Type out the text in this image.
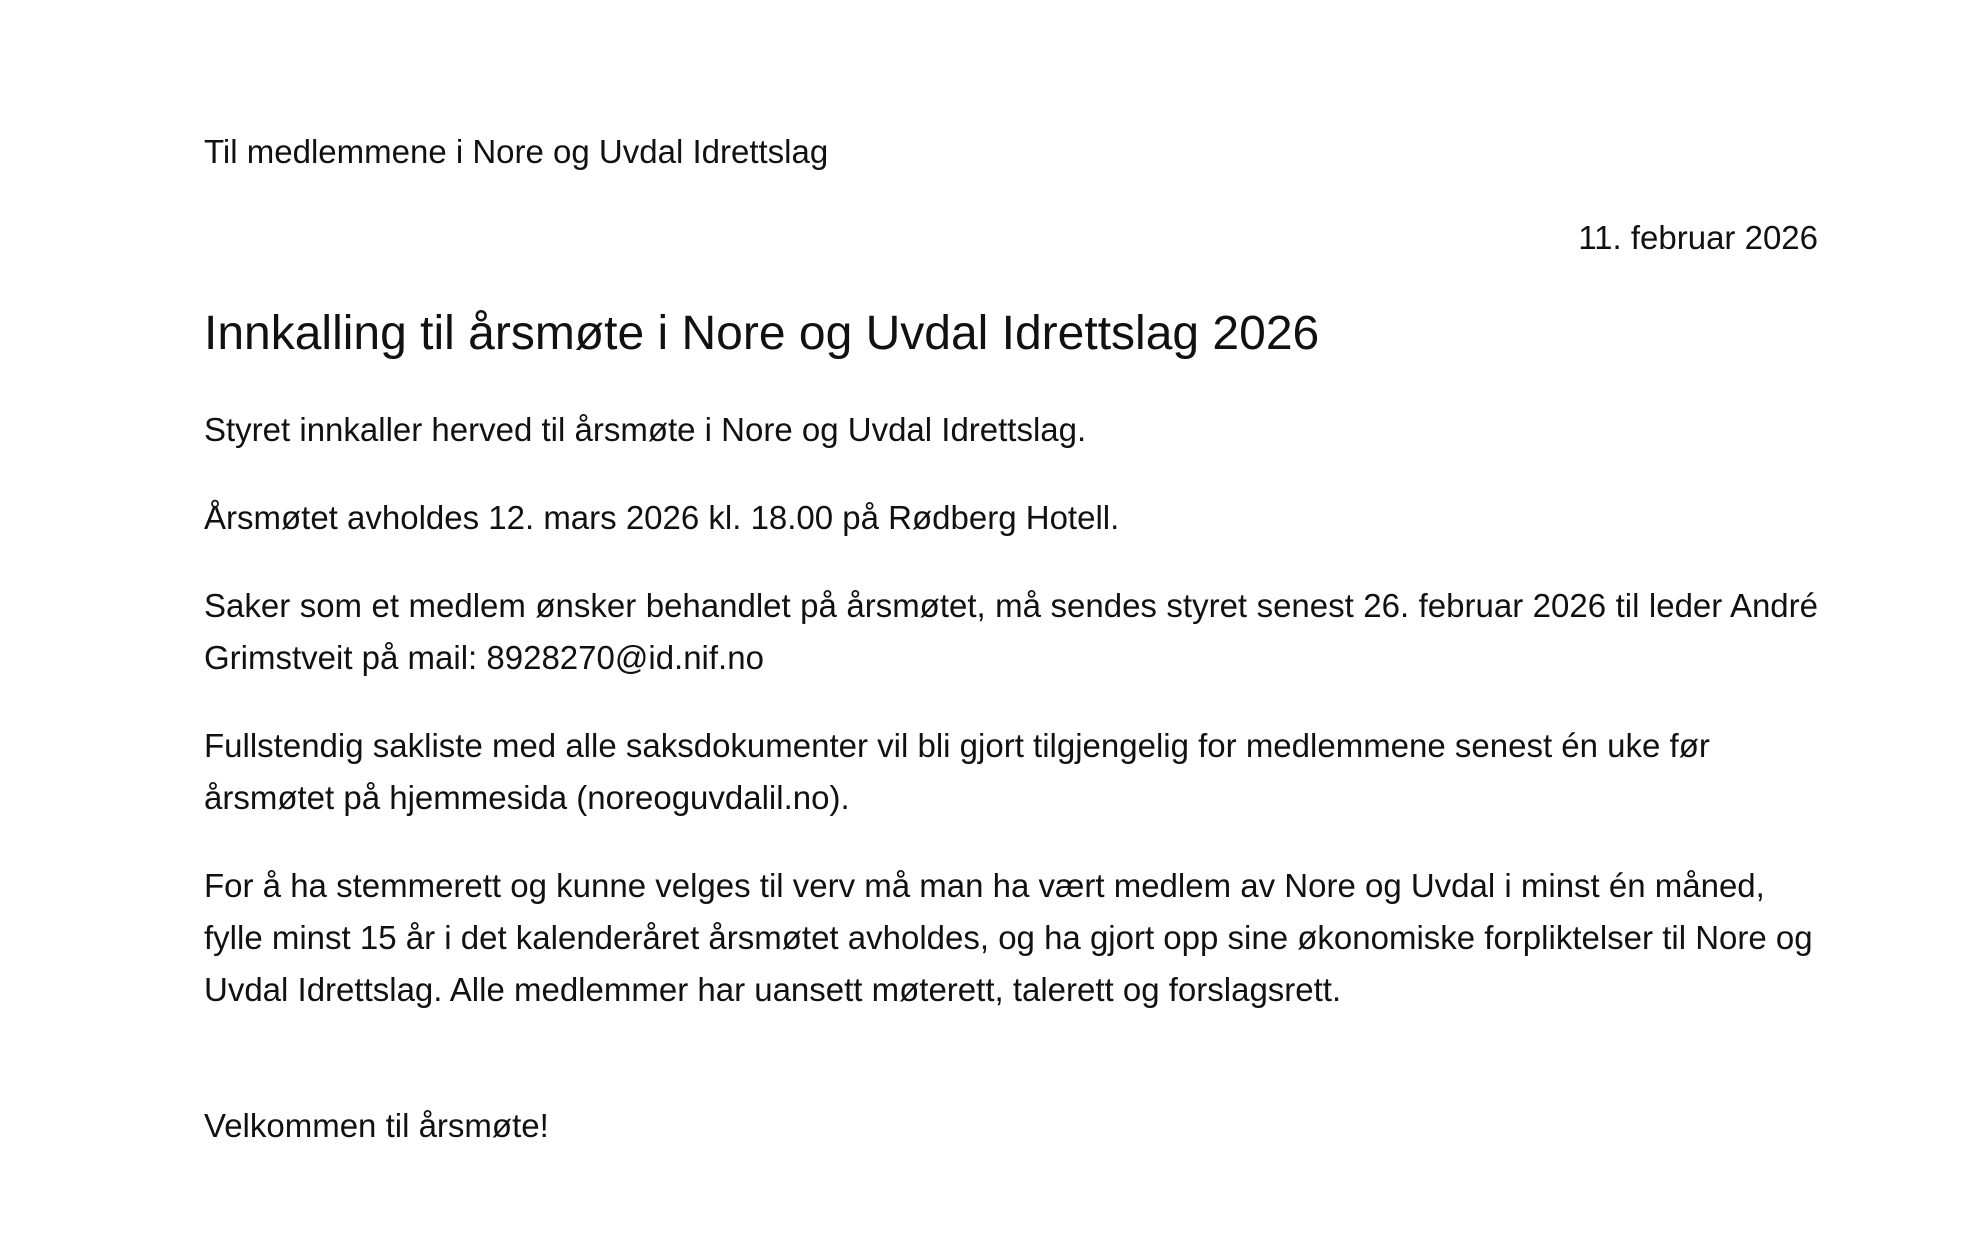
Til medlemmene i Nore og Uvdal Idrettslag

11. februar 2026

Innkalling til årsmøte i Nore og Uvdal Idrettslag 2026

Styret innkaller herved til årsmøte i Nore og Uvdal Idrettslag.

Årsmøtet avholdes 12. mars 2026 kl. 18.00 på Rødberg Hotell.

Saker som et medlem ønsker behandlet på årsmøtet, må sendes styret senest 26. februar 2026 til leder André Grimstveit på mail: 8928270@id.nif.no

Fullstendig sakliste med alle saksdokumenter vil bli gjort tilgjengelig for medlemmene senest én uke før årsmøtet på hjemmesida (noreoguvdalil.no).

For å ha stemmerett og kunne velges til verv må man ha vært medlem av Nore og Uvdal i minst én måned, fylle minst 15 år i det kalenderåret årsmøtet avholdes, og ha gjort opp sine økonomiske forpliktelser til Nore og Uvdal Idrettslag. Alle medlemmer har uansett møterett, talerett og forslagsrett.

Velkommen til årsmøte!
